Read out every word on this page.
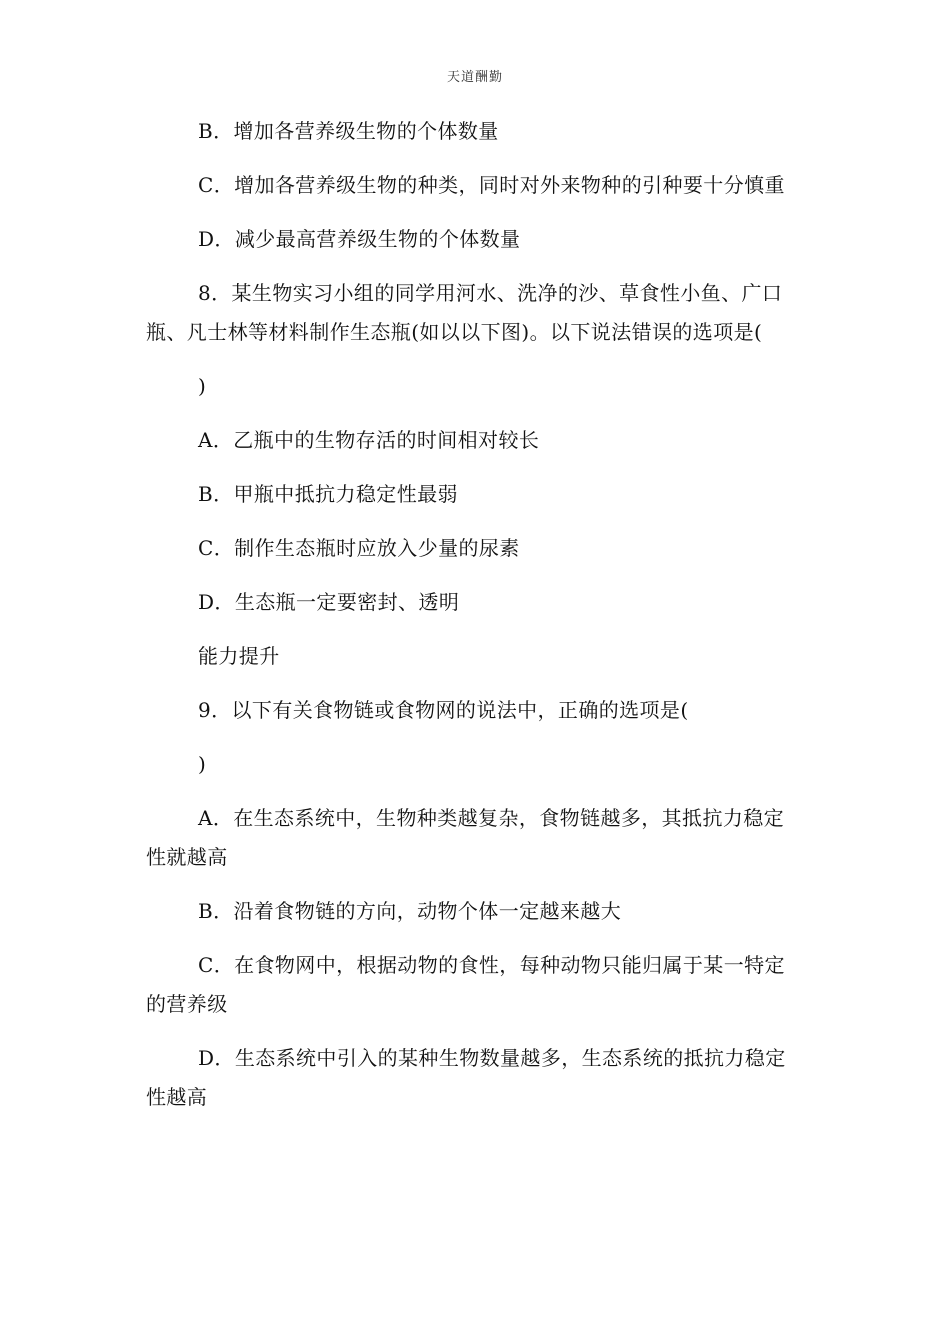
天道酬勤

B．增加各营养级生物的个体数量

C．增加各营养级生物的种类，同时对外来物种的引种要十分慎重

D．减少最高营养级生物的个体数量

8．某生物实习小组的同学用河水、洗净的沙、草食性小鱼、广口瓶、凡士林等材料制作生态瓶(如以以下图)。以下说法错误的选项是(

)

A．乙瓶中的生物存活的时间相对较长

B．甲瓶中抵抗力稳定性最弱

C．制作生态瓶时应放入少量的尿素

D．生态瓶一定要密封、透明

能力提升

9．以下有关食物链或食物网的说法中，正确的选项是(

)

A．在生态系统中，生物种类越复杂，食物链越多，其抵抗力稳定性就越高

B．沿着食物链的方向，动物个体一定越来越大

C．在食物网中，根据动物的食性，每种动物只能归属于某一特定的营养级

D．生态系统中引入的某种生物数量越多，生态系统的抵抗力稳定性越高
